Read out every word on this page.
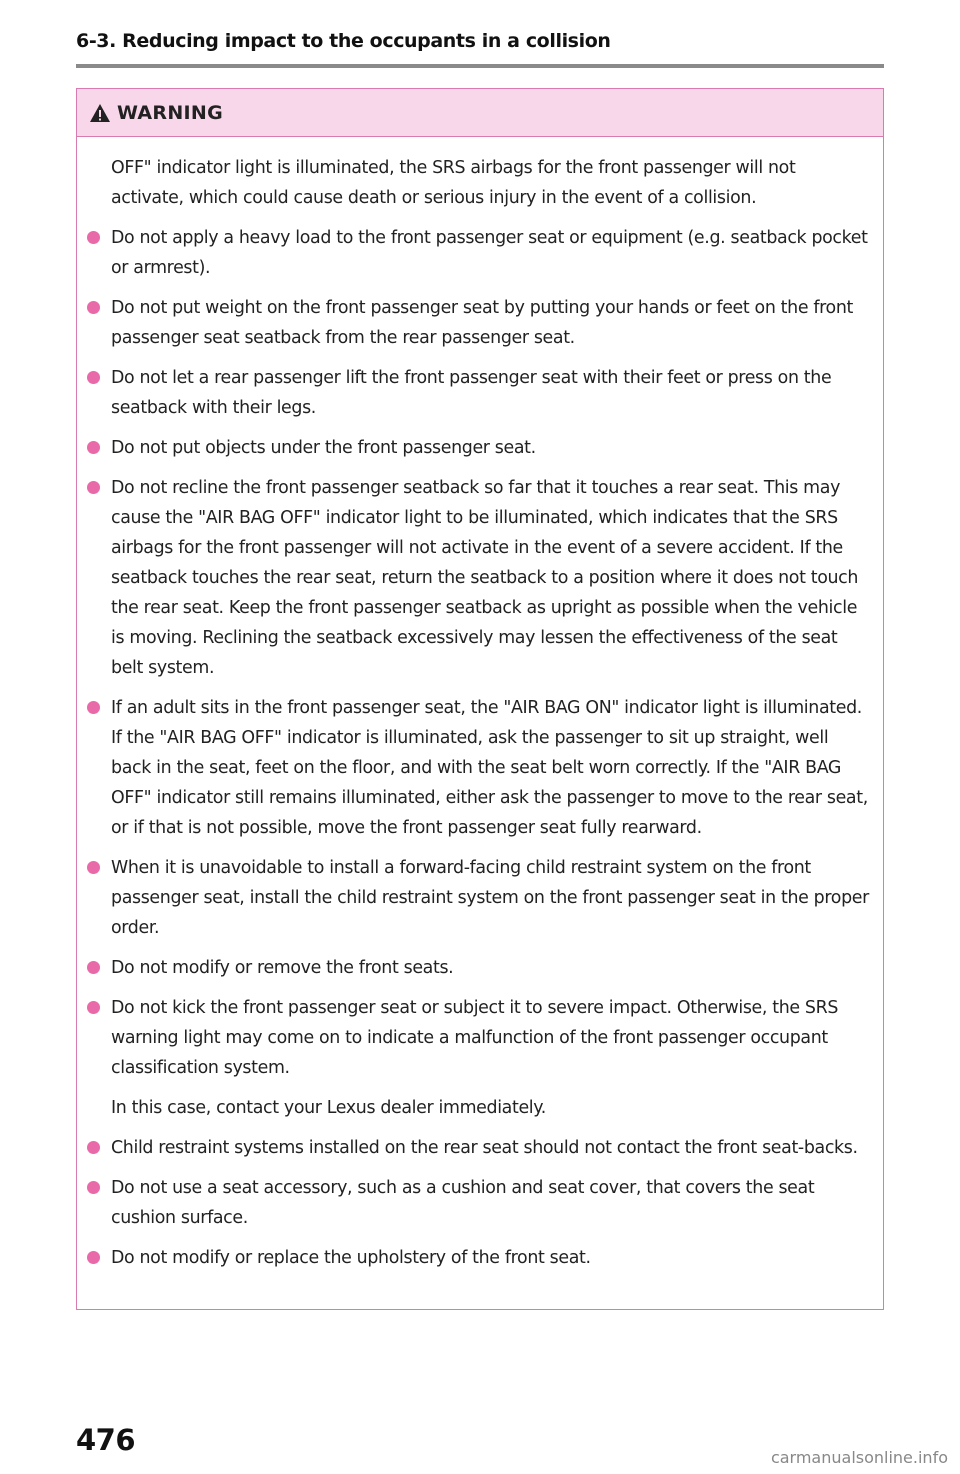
6-3. Reducing impact to the occupants in a collision
WARNING
OFF" indicator light is illuminated, the SRS airbags for the front passenger will not activate, which could cause death or serious injury in the event of a collision.
Do not apply a heavy load to the front passenger seat or equipment (e.g. seatback pocket or armrest).
Do not put weight on the front passenger seat by putting your hands or feet on the front passenger seat seatback from the rear passenger seat.
Do not let a rear passenger lift the front passenger seat with their feet or press on the seatback with their legs.
Do not put objects under the front passenger seat.
Do not recline the front passenger seatback so far that it touches a rear seat. This may cause the "AIR BAG OFF" indicator light to be illuminated, which indicates that the SRS airbags for the front passenger will not activate in the event of a severe accident. If the seatback touches the rear seat, return the seatback to a position where it does not touch the rear seat. Keep the front passenger seatback as upright as possible when the vehicle is moving. Reclining the seatback excessively may lessen the effectiveness of the seat belt system.
If an adult sits in the front passenger seat, the "AIR BAG ON" indicator light is illuminated. If the "AIR BAG OFF" indicator is illuminated, ask the passenger to sit up straight, well back in the seat, feet on the floor, and with the seat belt worn correctly. If the "AIR BAG OFF" indicator still remains illuminated, either ask the passenger to move to the rear seat, or if that is not possible, move the front passenger seat fully rearward.
When it is unavoidable to install a forward-facing child restraint system on the front passenger seat, install the child restraint system on the front passenger seat in the proper order.
Do not modify or remove the front seats.
Do not kick the front passenger seat or subject it to severe impact. Otherwise, the SRS warning light may come on to indicate a malfunction of the front passenger occupant classification system.
In this case, contact your Lexus dealer immediately.
Child restraint systems installed on the rear seat should not contact the front seat-backs.
Do not use a seat accessory, such as a cushion and seat cover, that covers the seat cushion surface.
Do not modify or replace the upholstery of the front seat.
476
carmanualsonline.info
